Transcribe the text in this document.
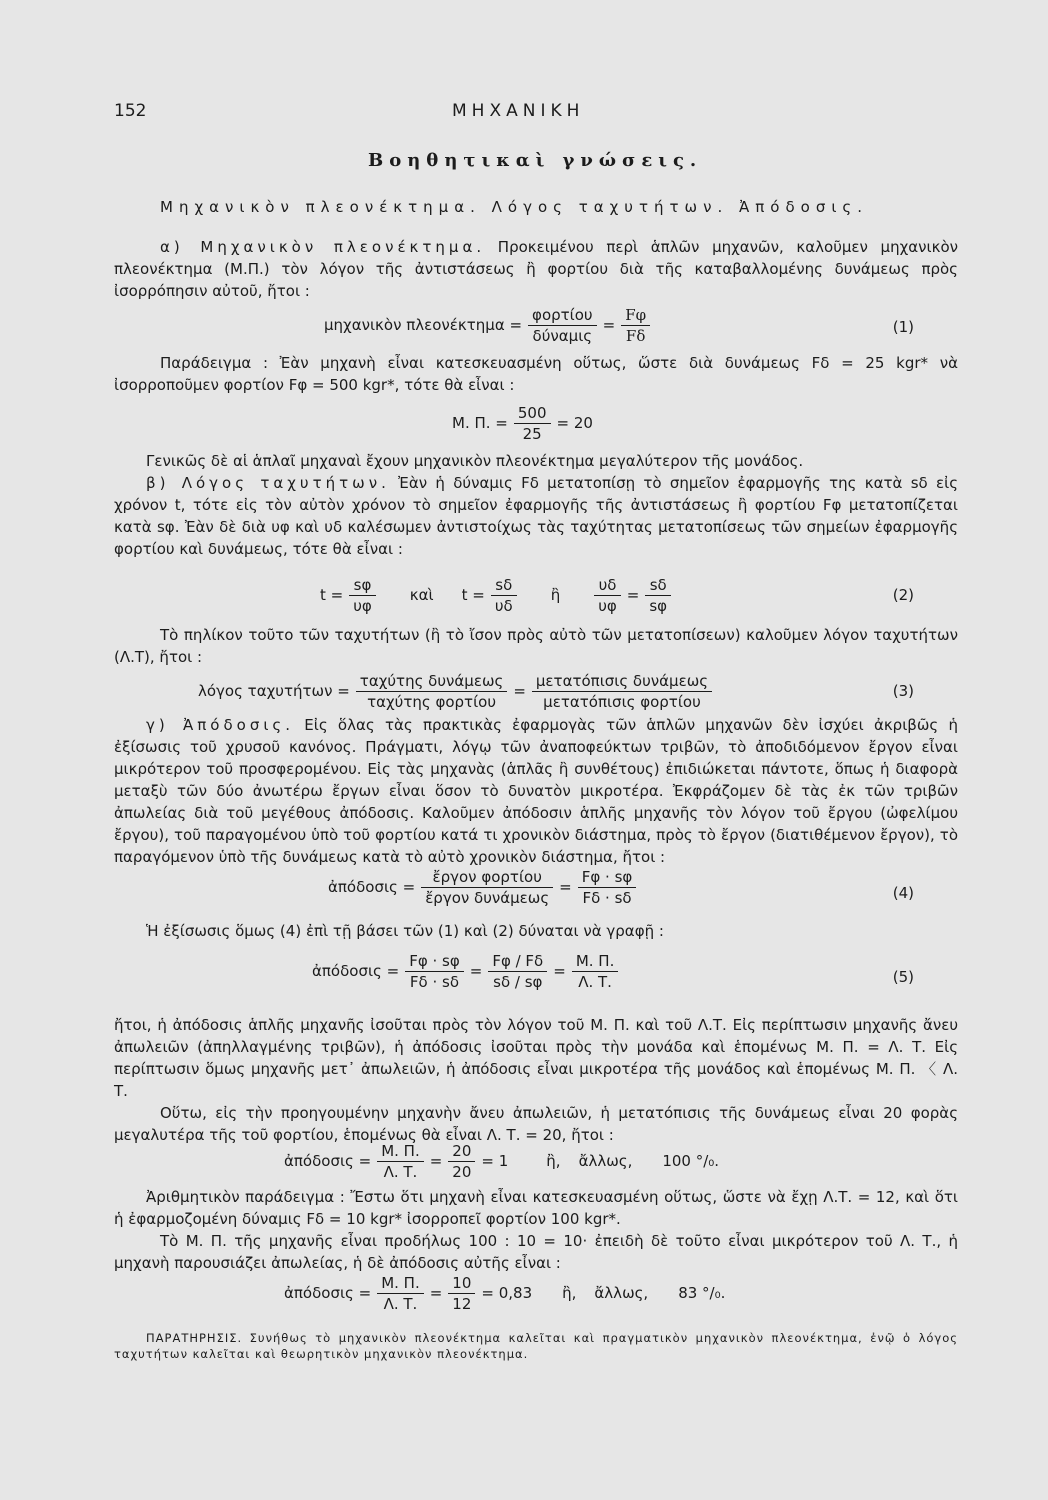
152	ΜΗΧΑΝΙΚΗ
Βοηθητικαὶ γνώσεις.
Μηχανικὸν πλεονέκτημα. Λόγος ταχυτήτων. Ἀπόδοσις.
α) Μηχανικὸν πλεονέκτημα. Προκειμένου περὶ ἁπλῶν μηχανῶν, καλοῦμεν μηχανικὸν πλεονέκτημα (Μ.Π.) τὸν λόγον τῆς ἀντιστάσεως ἢ φορτίου διὰ τῆς καταβαλλομένης δυνάμεως πρὸς ἰσορρόπησιν αὐτοῦ, ἤτοι :
μηχανικὸν $\pi\lambda\varepsilon o\nu έ\kappa\tau\eta\mu\alpha = \frac{\text{φορτίου}}{\text{δύναμις}} = \frac{F\varphi}{F\delta}$	(1)
Παράδειγμα : Ἐὰν μηχανὴ εἶναι κατεσκευασμένη οὕτως, ὥστε διὰ δυνάμεως Fδ = 25 kgr* νὰ ἰσορροποῦμεν φορτίον Fφ = 500 kgr*, τότε θὰ εἶναι :
Μ. Π. = $\frac{500}{25} = 20$
Γενικῶς δὲ αἱ ἁπλαῖ μηχαναὶ ἔχουν μηχανικὸν πλεονέκτημα μεγαλύτερον τῆς μονάδος.
β) Λόγος ταχυτήτων. Ἐὰν ἡ δύναμις Fδ μετατοπίσῃ τὸ σημεῖον ἐφαρμογῆς της κατὰ sδ εἰς χρόνον t, τότε εἰς τὸν αὐτὸν χρόνον τὸ σημεῖον ἐφαρμογῆς τῆς ἀντιστάσεως ἢ φορτίου Fφ μετατοπίζεται κατὰ sφ. Ἐὰν δὲ διὰ υφ καὶ υδ καλέσωμεν ἀντιστοίχως τὰς ταχύτητας μετατοπίσεως τῶν σημείων ἐφαρμογῆς φορτίου καὶ δυνάμεως, τότε θὰ εἶναι :
$t = \frac{s\varphi}{\upsilon\varphi}$ καὶ $t = \frac{s\delta}{\upsilon\delta}$ ἢ $\frac{\upsilon\delta}{\upsilon\varphi} = \frac{s\delta}{s\varphi}$	(2)
Τὸ πηλίκον τοῦτο τῶν ταχυτήτων (ἢ τὸ ἴσον πρὸς αὐτὸ τῶν μετατοπίσεων) καλοῦμεν λόγον ταχυτήτων (Λ.Τ), ἤτοι :
λόγος $\tau\alpha\chi\upsilon\tau ή\tau\omega\nu = \frac{\text{ταχύτης δυνάμεως}}{\text{ταχύτης φορτίου}} = \frac{\text{μετατόπισις δυνάμεως}}{\text{μετατόπισις φορτίου}}$	(3)
γ) Ἀπόδοσις. Εἰς ὅλας τὰς πρακτικὰς ἐφαρμογὰς τῶν ἁπλῶν μηχανῶν δὲν ἰσχύει ἀκριβῶς ἡ ἐξίσωσις τοῦ χρυσοῦ κανόνος. Πράγματι, λόγῳ τῶν ἀναποφεύκτων τριβῶν, τὸ ἀποδιδόμενον ἔργον εἶναι μικρότερον τοῦ προσφερομένου. Εἰς τὰς μηχανὰς (ἁπλᾶς ἢ συνθέτους) ἐπιδιώκεται πάντοτε, ὅπως ἡ διαφορὰ μεταξὺ τῶν δύο ἀνωτέρω ἔργων εἶναι ὅσον τὸ δυνατὸν μικροτέρα. Ἐκφράζομεν δὲ τὰς ἐκ τῶν τριβῶν ἀπωλείας διὰ τοῦ μεγέθους ἀπόδοσις. Καλοῦμεν ἀπόδοσιν ἁπλῆς μηχανῆς τὸν λόγον τοῦ ἔργου (ὠφελίμου ἔργου), τοῦ παραγομένου ὑπὸ τοῦ φορτίου κατά τι χρονικὸν διάστημα, πρὸς τὸ ἔργον (διατιθέμενον ἔργον), τὸ παραγόμενον ὑπὸ τῆς δυνάμεως κατὰ τὸ αὐτὸ χρονικὸν διάστημα, ἤτοι :
ἀπόδοσις = $\frac{\text{ἔργον φορτίου}}{\text{ἔργον δυνάμεως}} = \frac{F\varphi \cdot s\varphi}{F\delta \cdot s\delta}$	(4)
Ἡ ἐξίσωσις ὅμως (4) ἐπὶ τῇ βάσει τῶν (1) καὶ (2) δύναται νὰ γραφῇ :
ἀπόδοσις = $\frac{F\varphi \cdot s\varphi}{F\delta \cdot s\delta} = \frac{F\varphi / F\delta}{s\delta / s\varphi} = \frac{M. \Pi.}{\Lambda. T.}$	(5)
ἤτοι, ἡ ἀπόδοσις ἁπλῆς μηχανῆς ἰσοῦται πρὸς τὸν λόγον τοῦ Μ. Π. καὶ τοῦ Λ.Τ. Εἰς περίπτωσιν μηχανῆς ἄνευ ἀπωλειῶν (ἀπηλλαγμένης τριβῶν), ἡ ἀπόδοσις ἰσοῦται πρὸς τὴν μονάδα καὶ ἑπομένως Μ. Π. = Λ. Τ. Εἰς περίπτωσιν ὅμως μηχανῆς μετ᾽ ἀπωλειῶν, ἡ ἀπόδοσις εἶναι μικροτέρα τῆς μονάδος καὶ ἑπομένως Μ. Π. 〈 Λ. Τ.
Οὕτω, εἰς τὴν προηγουμένην μηχανὴν ἄνευ ἀπωλειῶν, ἡ μετατόπισις τῆς δυνάμεως εἶναι 20 φορὰς μεγαλυτέρα τῆς τοῦ φορτίου, ἑπομένως θὰ εἶναι Λ. Τ. = 20, ἤτοι :
ἀπόδοσις = $\frac{M. \Pi.}{\Lambda. T.} = \frac{20}{20} = 1$	ἢ, ἄλλως, 100 °/₀.
Ἀριθμητικὸν παράδειγμα : Ἔστω ὅτι μηχανὴ εἶναι κατεσκευασμένη οὕτως, ὥστε νὰ ἔχῃ Λ.Τ. = 12, καὶ ὅτι ἡ ἐφαρμοζομένη δύναμις Fδ = 10 kgr* ἰσορροπεῖ φορτίον 100 kgr*.
Τὸ Μ. Π. τῆς μηχανῆς εἶναι προδήλως 100 : 10 = 10· ἐπειδὴ δὲ τοῦτο εἶναι μικρότερον τοῦ Λ. Τ., ἡ μηχανὴ παρουσιάζει ἀπωλείας, ἡ δὲ ἀπόδοσις αὐτῆς εἶναι :
ἀπόδοσις = $\frac{M. \Pi.}{\Lambda. T.} = \frac{10}{12} = 0,83$ ἢ, ἄλλως, 83 °/₀.
ΠΑΡΑΤΗΡΗΣΙΣ. Συνήθως τὸ μηχανικὸν πλεονέκτημα καλεῖται καὶ πραγματικὸν μηχανικὸν πλεονέκτημα, ἐνῷ ὁ λόγος ταχυτήτων καλεῖται καὶ θεωρητικὸν μηχανικὸν πλεονέκτημα.
